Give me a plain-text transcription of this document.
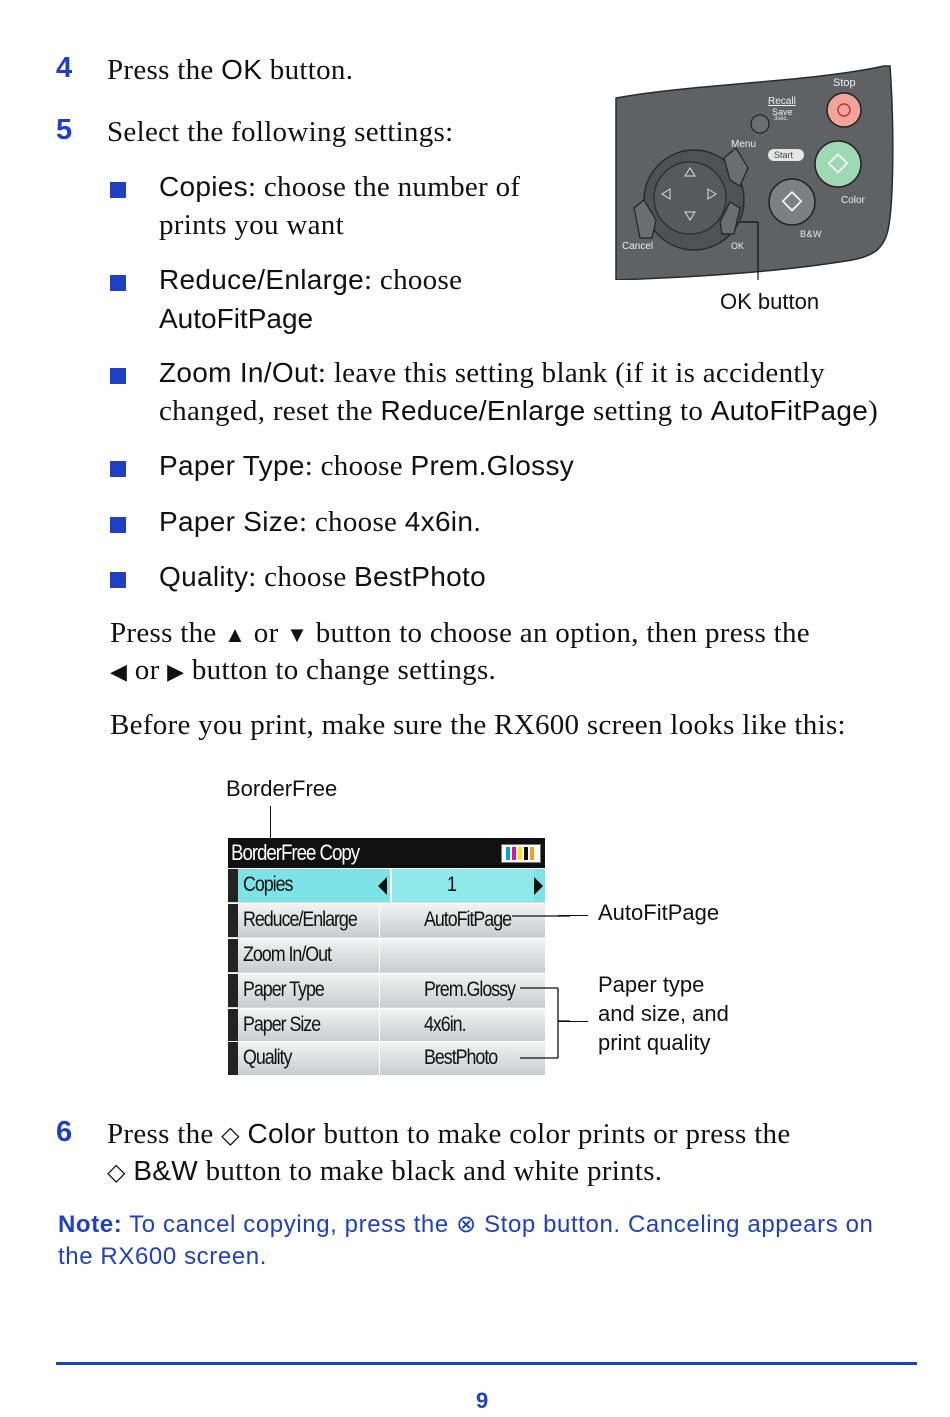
4 Press the OK button.
5 Select the following settings:
Copies: choose the number of
prints you want
Reduce/Enlarge: choose
AutoFitPage
Zoom In/Out: leave this setting blank (if it is accidently
changed, reset the Reduce/Enlarge setting to AutoFitPage)
Paper Type: choose Prem.Glossy
Paper Size: choose 4x6in.
Quality: choose BestPhoto
Press the ▲ or ▼ button to choose an option, then press the
◀ or ▶ button to change settings.
Before you print, make sure the RX600 screen looks like this:
Stop
Recall
Save
3sec.
Menu
Start
Color
B&W
Cancel	OK
OK button
BorderFree
BorderFree Copy
Copies	1
Reduce/Enlarge	AutoFitPage
Zoom In/Out
Paper Type	Prem.Glossy
Paper Size	4x6in.
Quality	BestPhoto
AutoFitPage
Paper type
and size, and
print quality
6 Press the ◇ Color button to make color prints or press the
◇ B&W button to make black and white prints.
Note: To cancel copying, press the ⊗ Stop button. Canceling appears on
the RX600 screen.
9
